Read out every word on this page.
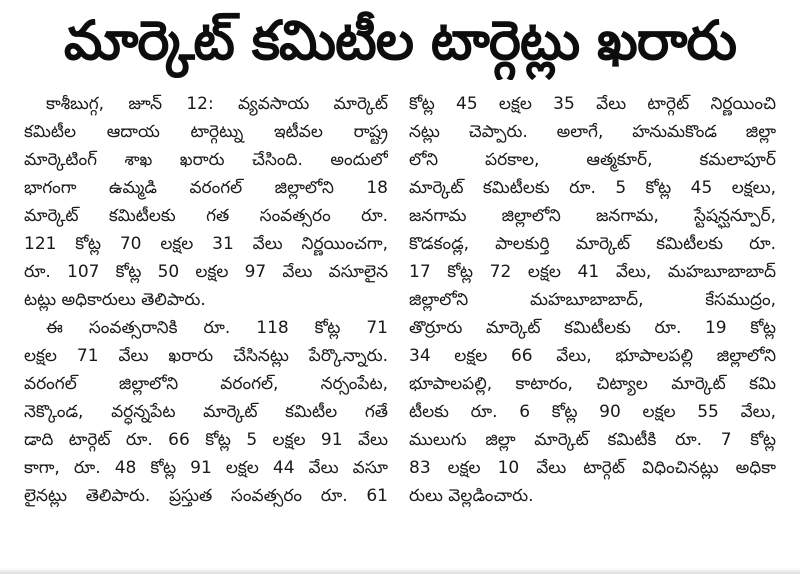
మార్కెట్ కమిటీల టార్గెట్లు ఖరారు
కాశీబుగ్గ, జూన్ 12: వ్యవసాయ మార్కెట్
కమిటీల ఆదాయ టార్గెట్ను ఇటీవల రాష్ట్ర
మార్కెటింగ్ శాఖ ఖరారు చేసింది. అందులో
భాగంగా ఉమ్మడి వరంగల్ జిల్లాలోని 18
మార్కెట్ కమిటీలకు గత సంవత్సరం రూ.
121 కోట్ల 70 లక్షల 31 వేలు నిర్ణయించగా,
రూ. 107 కోట్ల 50 లక్షల 97 వేలు వసూలైన
టట్లు అధికారులు తెలిపారు.
ఈ సంవత్సరానికి రూ. 118 కోట్ల 71
లక్షల 71 వేలు ఖరారు చేసినట్లు పేర్కొన్నారు.
వరంగల్ జిల్లాలోని వరంగల్, నర్సంపేట,
నెక్కొండ, వర్ధన్నపేట మార్కెట్ కమిటీల గతే
డాది టార్గెట్ రూ. 66 కోట్ల 5 లక్షల 91 వేలు
కాగా, రూ. 48 కోట్ల 91 లక్షల 44 వేలు వసూ
లైనట్లు తెలిపారు. ప్రస్తుత సంవత్సరం రూ. 61
కోట్ల 45 లక్షల 35 వేలు టార్గెట్ నిర్ణయించి
నట్లు చెప్పారు. అలాగే, హనుమకొండ జిల్లా
లోని పరకాల, ఆత్మకూర్, కమలాపూర్
మార్కెట్ కమిటీలకు రూ. 5 కోట్ల 45 లక్షలు,
జనగామ జిల్లాలోని జనగామ, స్టేషన్ఘన్పూర్,
కొడకండ్ల, పాలకుర్తి మార్కెట్ కమిటీలకు రూ.
17 కోట్ల 72 లక్షల 41 వేలు, మహబూబాబాద్
జిల్లాలోని మహబూబాబాద్, కేసముద్రం,
తొర్రూరు మార్కెట్ కమిటీలకు రూ. 19 కోట్ల
34 లక్షల 66 వేలు, భూపాలపల్లి జిల్లాలోని
భూపాలపల్లి, కాటారం, చిట్యాల మార్కెట్ కమి
టీలకు రూ. 6 కోట్ల 90 లక్షల 55 వేలు,
ములుగు జిల్లా మార్కెట్ కమిటీకి రూ. 7 కోట్ల
83 లక్షల 10 వేలు టార్గెట్ విధించినట్లు అధికా
రులు వెల్లడించారు.
